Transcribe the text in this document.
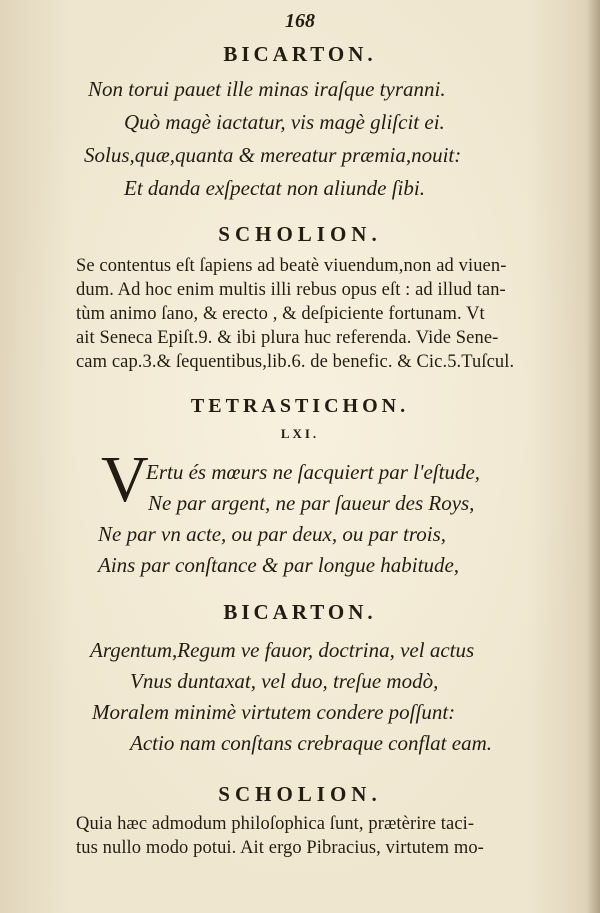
168
BICARTON.
Non torui pauet ille minas iraſque tyranni.
Quò magè iactatur, vis magè gliſcit ei.
Solus,quæ,quanta & mereatur præmia,nouit:
Et danda exſpectat non aliunde ſibi.
SCHOLION.
Se contentus eſt ſapiens ad beatè viuendum,non ad viuen-
dum. Ad hoc enim multis illi rebus opus eſt : ad illud tan-
tùm animo ſano, & erecto , & deſpiciente fortunam. Vt
ait Seneca Epiſt.9. & ibi plura huc referenda. Vide Sene-
cam cap.3.& ſequentibus,lib.6. de benefic. & Cic.5.Tuſcul.
TETRASTICHON.
LXI.
V
Ertu és mœurs ne ſacquiert par l'eſtude,
Ne par argent, ne par ſaueur des Roys,
Ne par vn acte, ou par deux, ou par trois,
Ains par conſtance & par longue habitude,
BICARTON.
Argentum,Regum ve fauor, doctrina, vel actus
Vnus duntaxat, vel duo, treſue modò,
Moralem minimè virtutem condere poſſunt:
Actio nam conſtans crebraque conflat eam.
SCHOLION.
Quia hæc admodum philoſophica ſunt, prætèrire taci-
tus nullo modo potui. Ait ergo Pibracius, virtutem mo-
